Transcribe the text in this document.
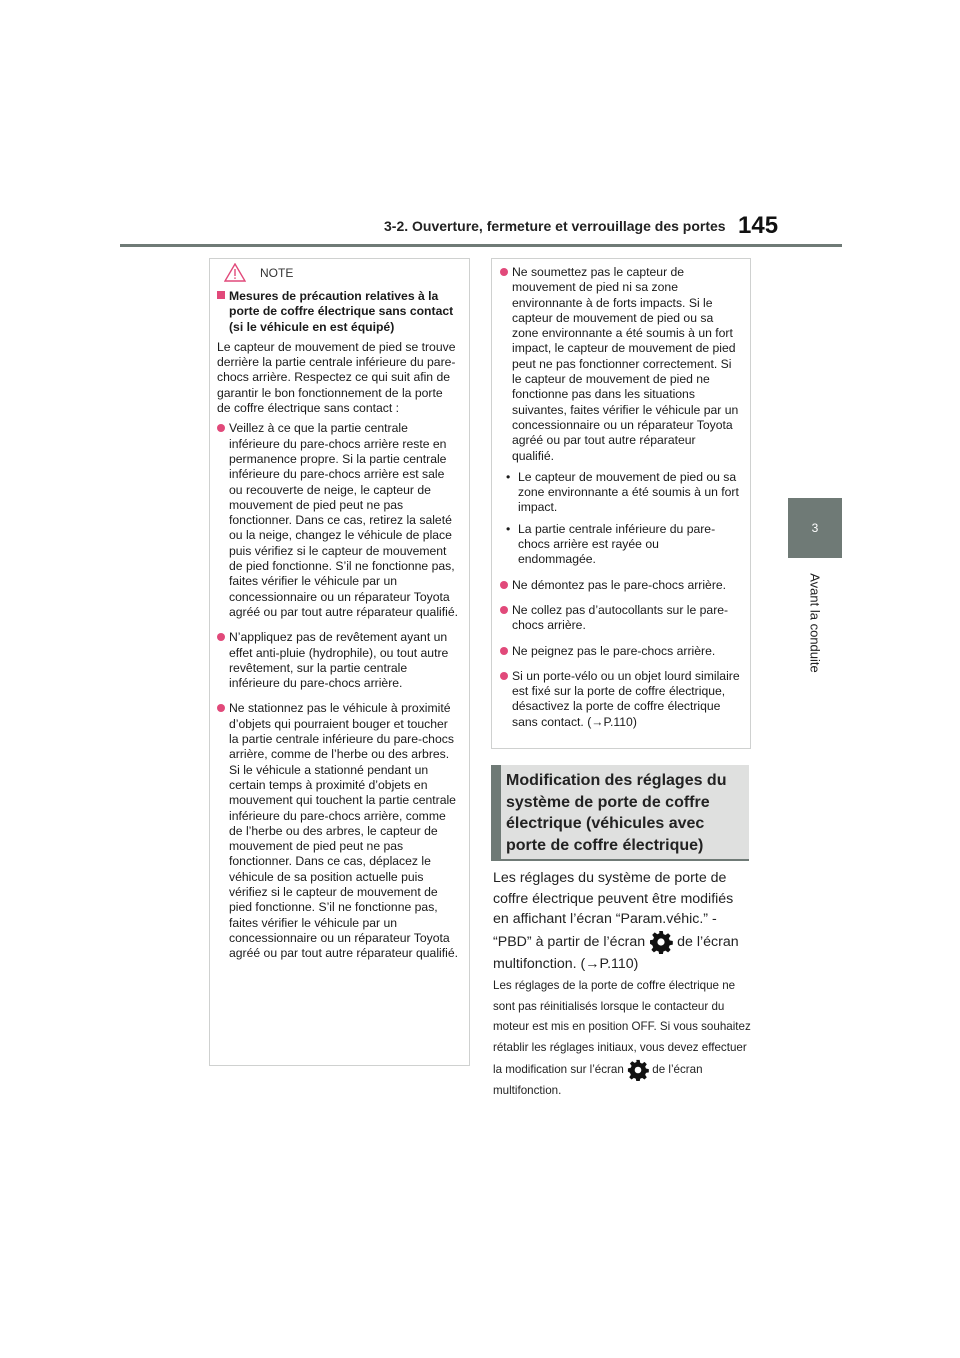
3-2. Ouverture, fermeture et verrouillage des portes 145
3
Avant la conduite
NOTE
Mesures de précaution relatives à la porte de coffre électrique sans contact (si le véhicule en est équipé)
Le capteur de mouvement de pied se trouve derrière la partie centrale inférieure du pare-chocs arrière. Respectez ce qui suit afin de garantir le bon fonctionnement de la porte de coffre électrique sans contact :
Veillez à ce que la partie centrale inférieure du pare-chocs arrière reste en permanence propre. Si la partie centrale inférieure du pare-chocs arrière est sale ou recouverte de neige, le capteur de mouvement de pied peut ne pas fonctionner. Dans ce cas, retirez la saleté ou la neige, changez le véhicule de place puis vérifiez si le capteur de mouvement de pied fonctionne. S’il ne fonctionne pas, faites vérifier le véhicule par un concessionnaire ou un réparateur Toyota agréé ou par tout autre réparateur qualifié.
N’appliquez pas de revêtement ayant un effet anti-pluie (hydrophile), ou tout autre revêtement, sur la partie centrale inférieure du pare-chocs arrière.
Ne stationnez pas le véhicule à proximité d’objets qui pourraient bouger et toucher la partie centrale inférieure du pare-chocs arrière, comme de l’herbe ou des arbres. Si le véhicule a stationné pendant un certain temps à proximité d’objets en mouvement qui touchent la partie centrale inférieure du pare-chocs arrière, comme de l’herbe ou des arbres, le capteur de mouvement de pied peut ne pas fonctionner. Dans ce cas, déplacez le véhicule de sa position actuelle puis vérifiez si le capteur de mouvement de pied fonctionne. S’il ne fonctionne pas, faites vérifier le véhicule par un concessionnaire ou un réparateur Toyota agréé ou par tout autre réparateur qualifié.
Ne soumettez pas le capteur de mouvement de pied ni sa zone environnante à de forts impacts. Si le capteur de mouvement de pied ou sa zone environnante a été soumis à un fort impact, le capteur de mouvement de pied peut ne pas fonctionner correctement. Si le capteur de mouvement de pied ne fonctionne pas dans les situations suivantes, faites vérifier le véhicule par un concessionnaire ou un réparateur Toyota agréé ou par tout autre réparateur qualifié.
• Le capteur de mouvement de pied ou sa zone environnante a été soumis à un fort impact.
• La partie centrale inférieure du pare-chocs arrière est rayée ou endommagée.
Ne démontez pas le pare-chocs arrière.
Ne collez pas d’autocollants sur le pare-chocs arrière.
Ne peignez pas le pare-chocs arrière.
Si un porte-vélo ou un objet lourd similaire est fixé sur la porte de coffre électrique, désactivez la porte de coffre électrique sans contact. (→P.110)
Modification des réglages du système de porte de coffre électrique (véhicules avec porte de coffre électrique)
Les réglages du système de porte de coffre électrique peuvent être modifiés en affichant l’écran “Param.véhic.” - “PBD” à partir de l’écran de l’écran multifonction. (→P.110)
Les réglages de la porte de coffre électrique ne sont pas réinitialisés lorsque le contacteur du moteur est mis en position OFF. Si vous souhaitez rétablir les réglages initiaux, vous devez effectuer la modification sur l’écran de l’écran multifonction.
